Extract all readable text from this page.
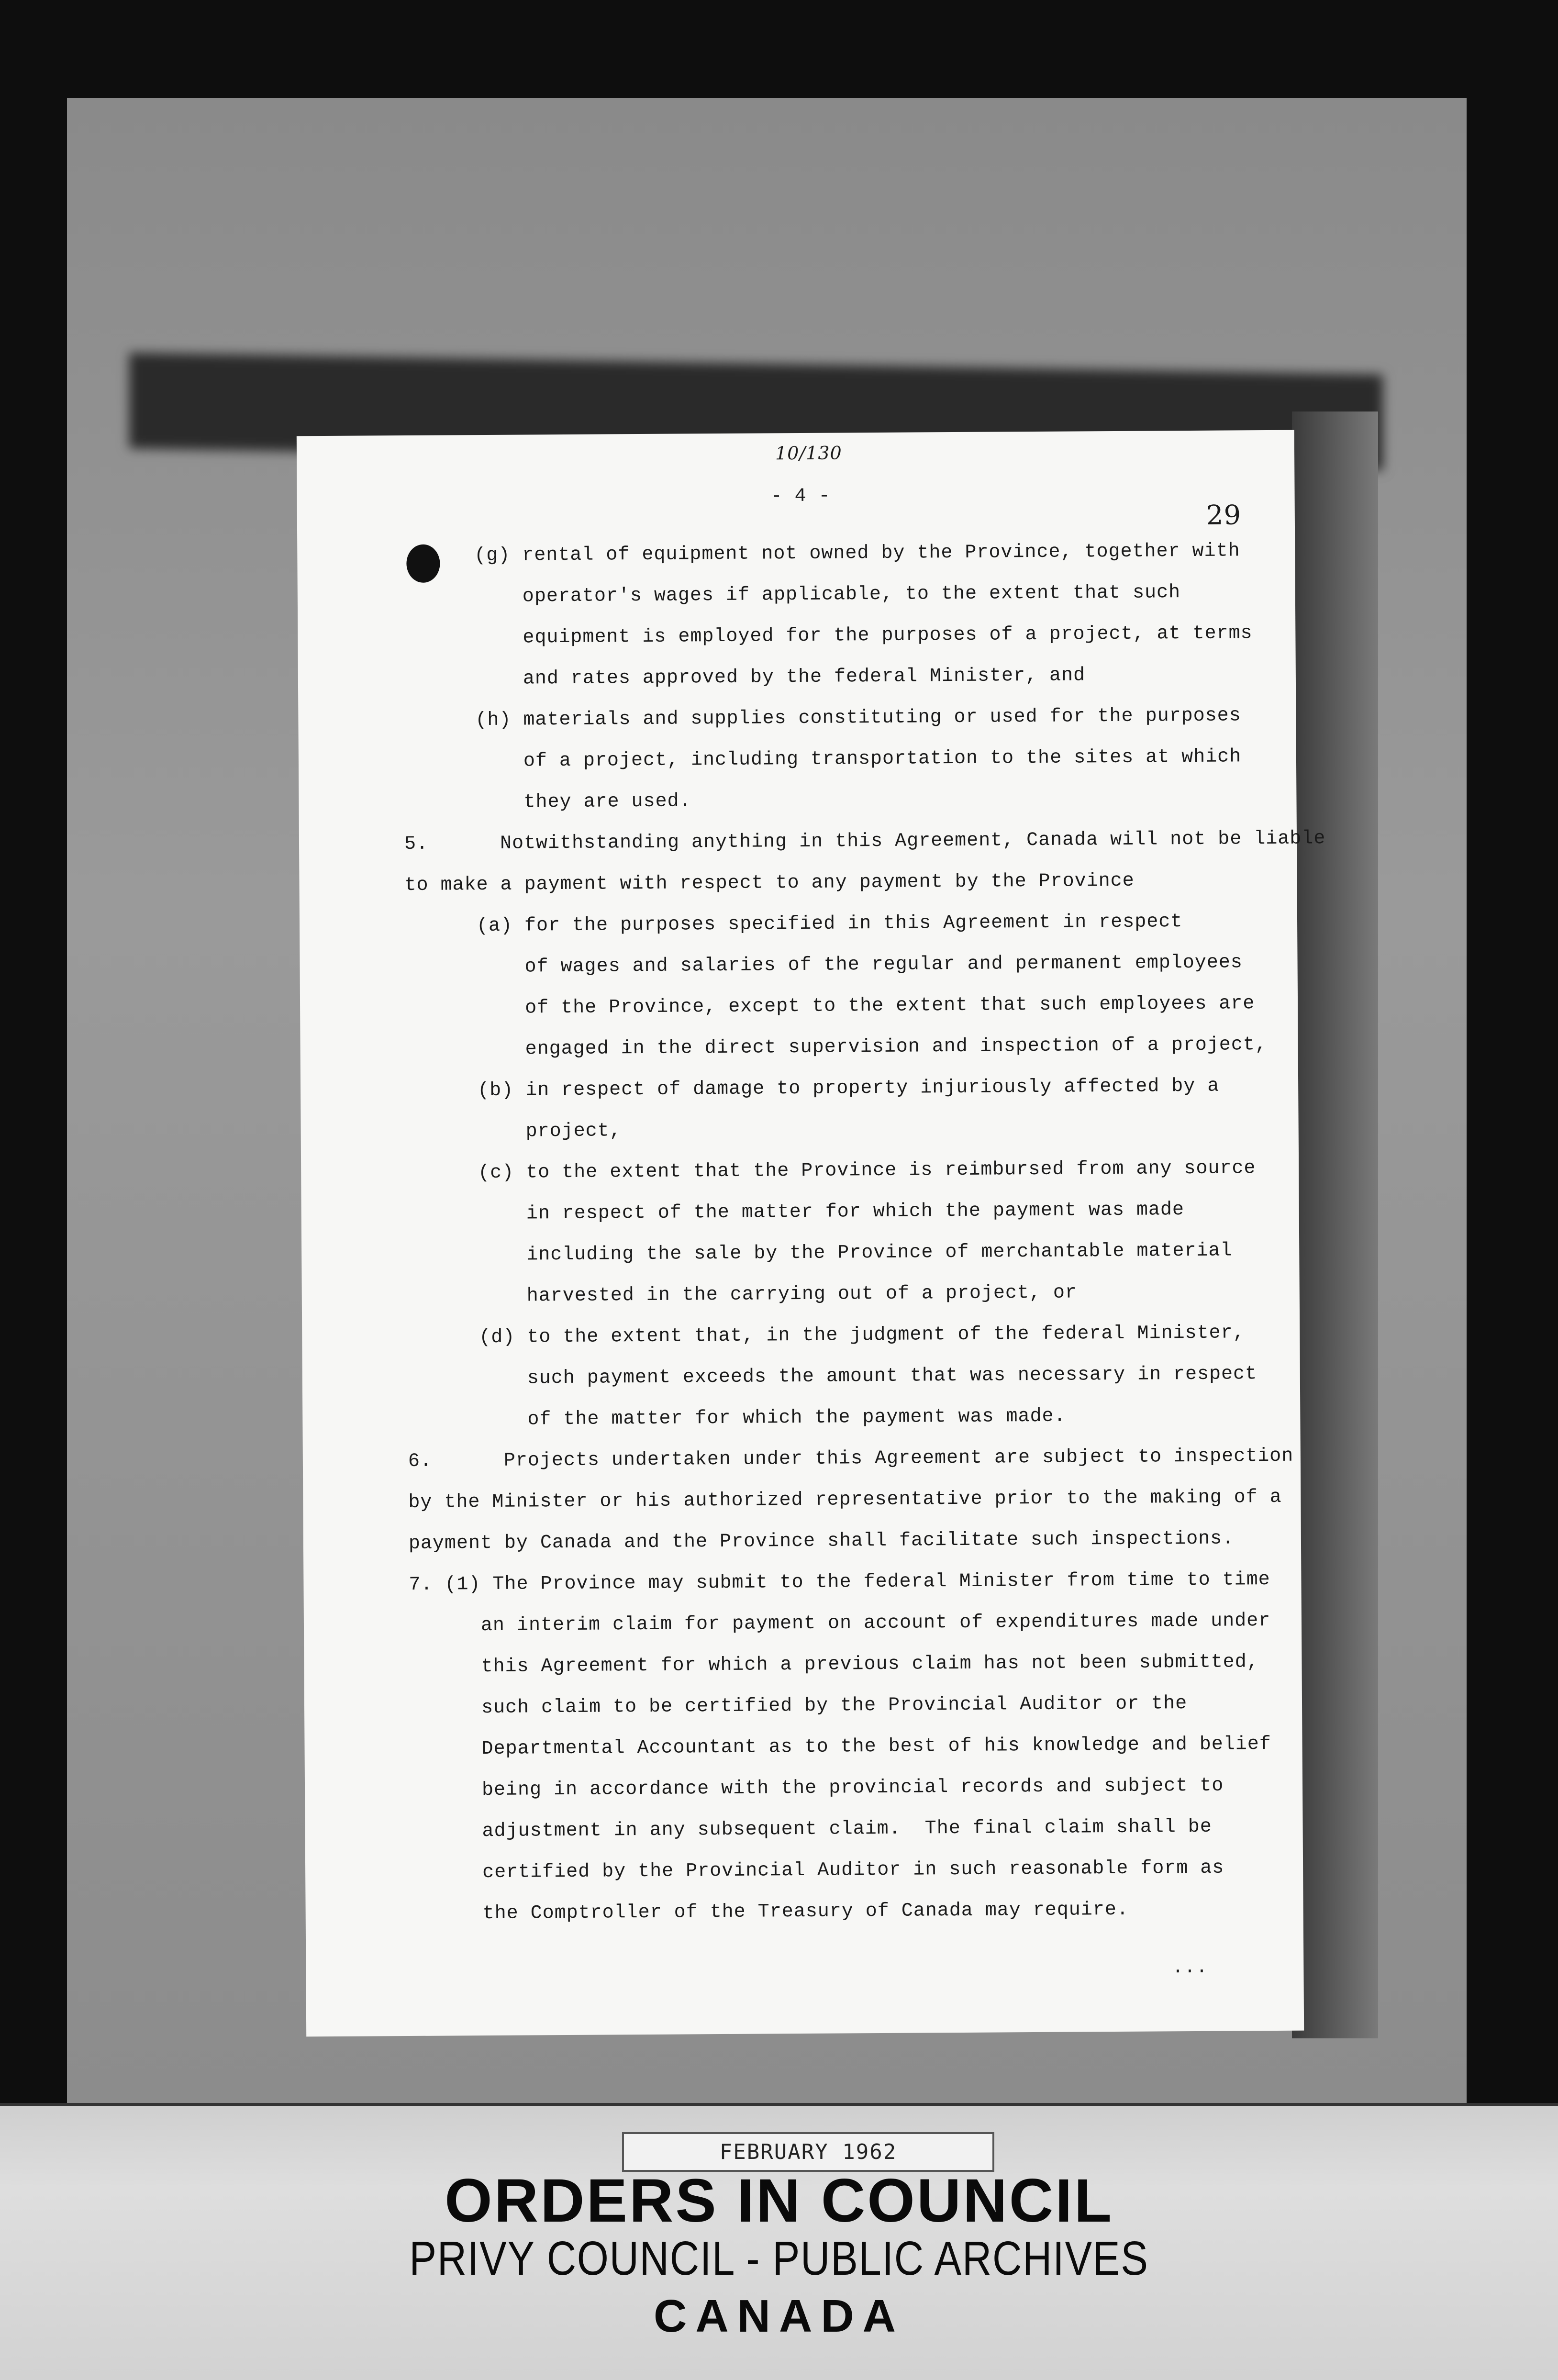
10/130
- 4 -
29
(g) rental of equipment not owned by the Province, together with
operator's wages if applicable, to the extent that such
equipment is employed for the purposes of a project, at terms
and rates approved by the federal Minister, and
(h) materials and supplies constituting or used for the purposes
of a project, including transportation to the sites at which
they are used.
5.      Notwithstanding anything in this Agreement, Canada will not be liable
to make a payment with respect to any payment by the Province
(a) for the purposes specified in this Agreement in respect
of wages and salaries of the regular and permanent employees
of the Province, except to the extent that such employees are
engaged in the direct supervision and inspection of a project,
(b) in respect of damage to property injuriously affected by a
project,
(c) to the extent that the Province is reimbursed from any source
in respect of the matter for which the payment was made
including the sale by the Province of merchantable material
harvested in the carrying out of a project, or
(d) to the extent that, in the judgment of the federal Minister,
such payment exceeds the amount that was necessary in respect
of the matter for which the payment was made.
6.      Projects undertaken under this Agreement are subject to inspection
by the Minister or his authorized representative prior to the making of a
payment by Canada and the Province shall facilitate such inspections.
7. (1) The Province may submit to the federal Minister from time to time
an interim claim for payment on account of expenditures made under
this Agreement for which a previous claim has not been submitted,
such claim to be certified by the Provincial Auditor or the
Departmental Accountant as to the best of his knowledge and belief
being in accordance with the provincial records and subject to
adjustment in any subsequent claim.  The final claim shall be
certified by the Provincial Auditor in such reasonable form as
the Comptroller of the Treasury of Canada may require.
...
FEBRUARY 1962
ORDERS IN COUNCIL
PRIVY COUNCIL - PUBLIC ARCHIVES
CANADA
